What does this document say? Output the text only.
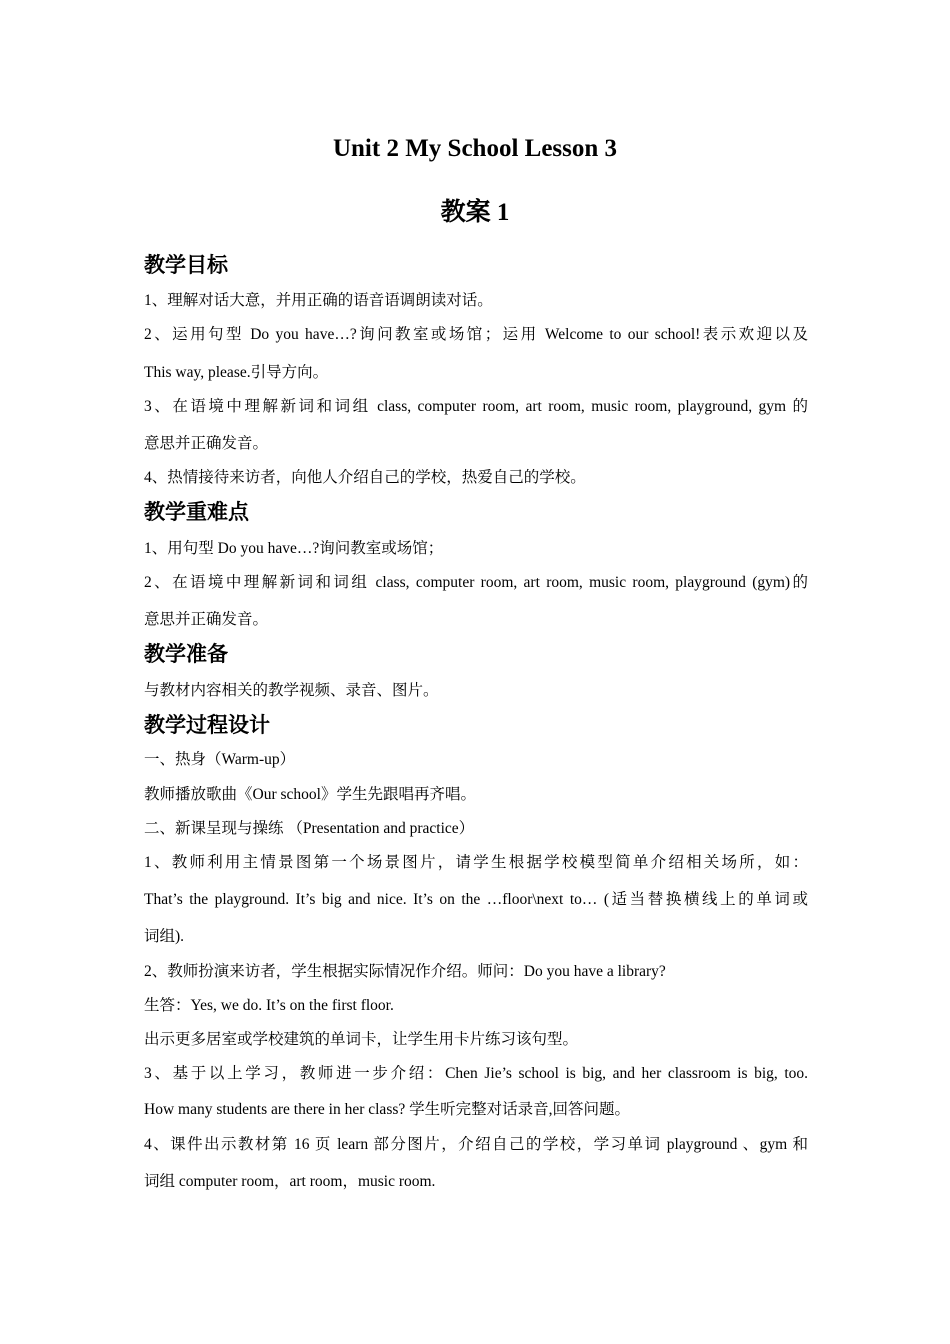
Unit 2 My School Lesson 3
教案 1
教学目标

1、理解对话大意，并用正确的语音语调朗读对话。

2、运用句型 Do you have…?询问教室或场馆；运用 Welcome to our school!表示欢迎以及

This way, please.引导方向。

3、在语境中理解新词和词组 class, computer room, art room, music room, playground, gym 的

意思并正确发音。

4、热情接待来访者，向他人介绍自己的学校，热爱自己的学校。

教学重难点

1、用句型 Do you have…?询问教室或场馆；

2、在语境中理解新词和词组 class, computer room, art room, music room, playground (gym)的

意思并正确发音。

教学准备

与教材内容相关的教学视频、录音、图片。

教学过程设计

一、热身（Warm-up）

教师播放歌曲《Our school》学生先跟唱再齐唱。

二、新课呈现与操练 （Presentation and practice）

1、教师利用主情景图第一个场景图片，请学生根据学校模型简单介绍相关场所，如：

That’s the playground. It’s big and nice. It’s on the …floor\next to… (适当替换横线上的单词或

词组).

2、教师扮演来访者，学生根据实际情况作介绍。师问：Do you have a library?

生答：Yes, we do. It’s on the first floor.

出示更多居室或学校建筑的单词卡，让学生用卡片练习该句型。

3、基于以上学习，教师进一步介绍：Chen Jie’s school is big, and her classroom is big, too.

How many students are there in her class? 学生听完整对话录音,回答问题。

4、课件出示教材第 16 页 learn 部分图片，介绍自己的学校，学习单词 playground 、gym 和

词组 computer room，art room，music room.
